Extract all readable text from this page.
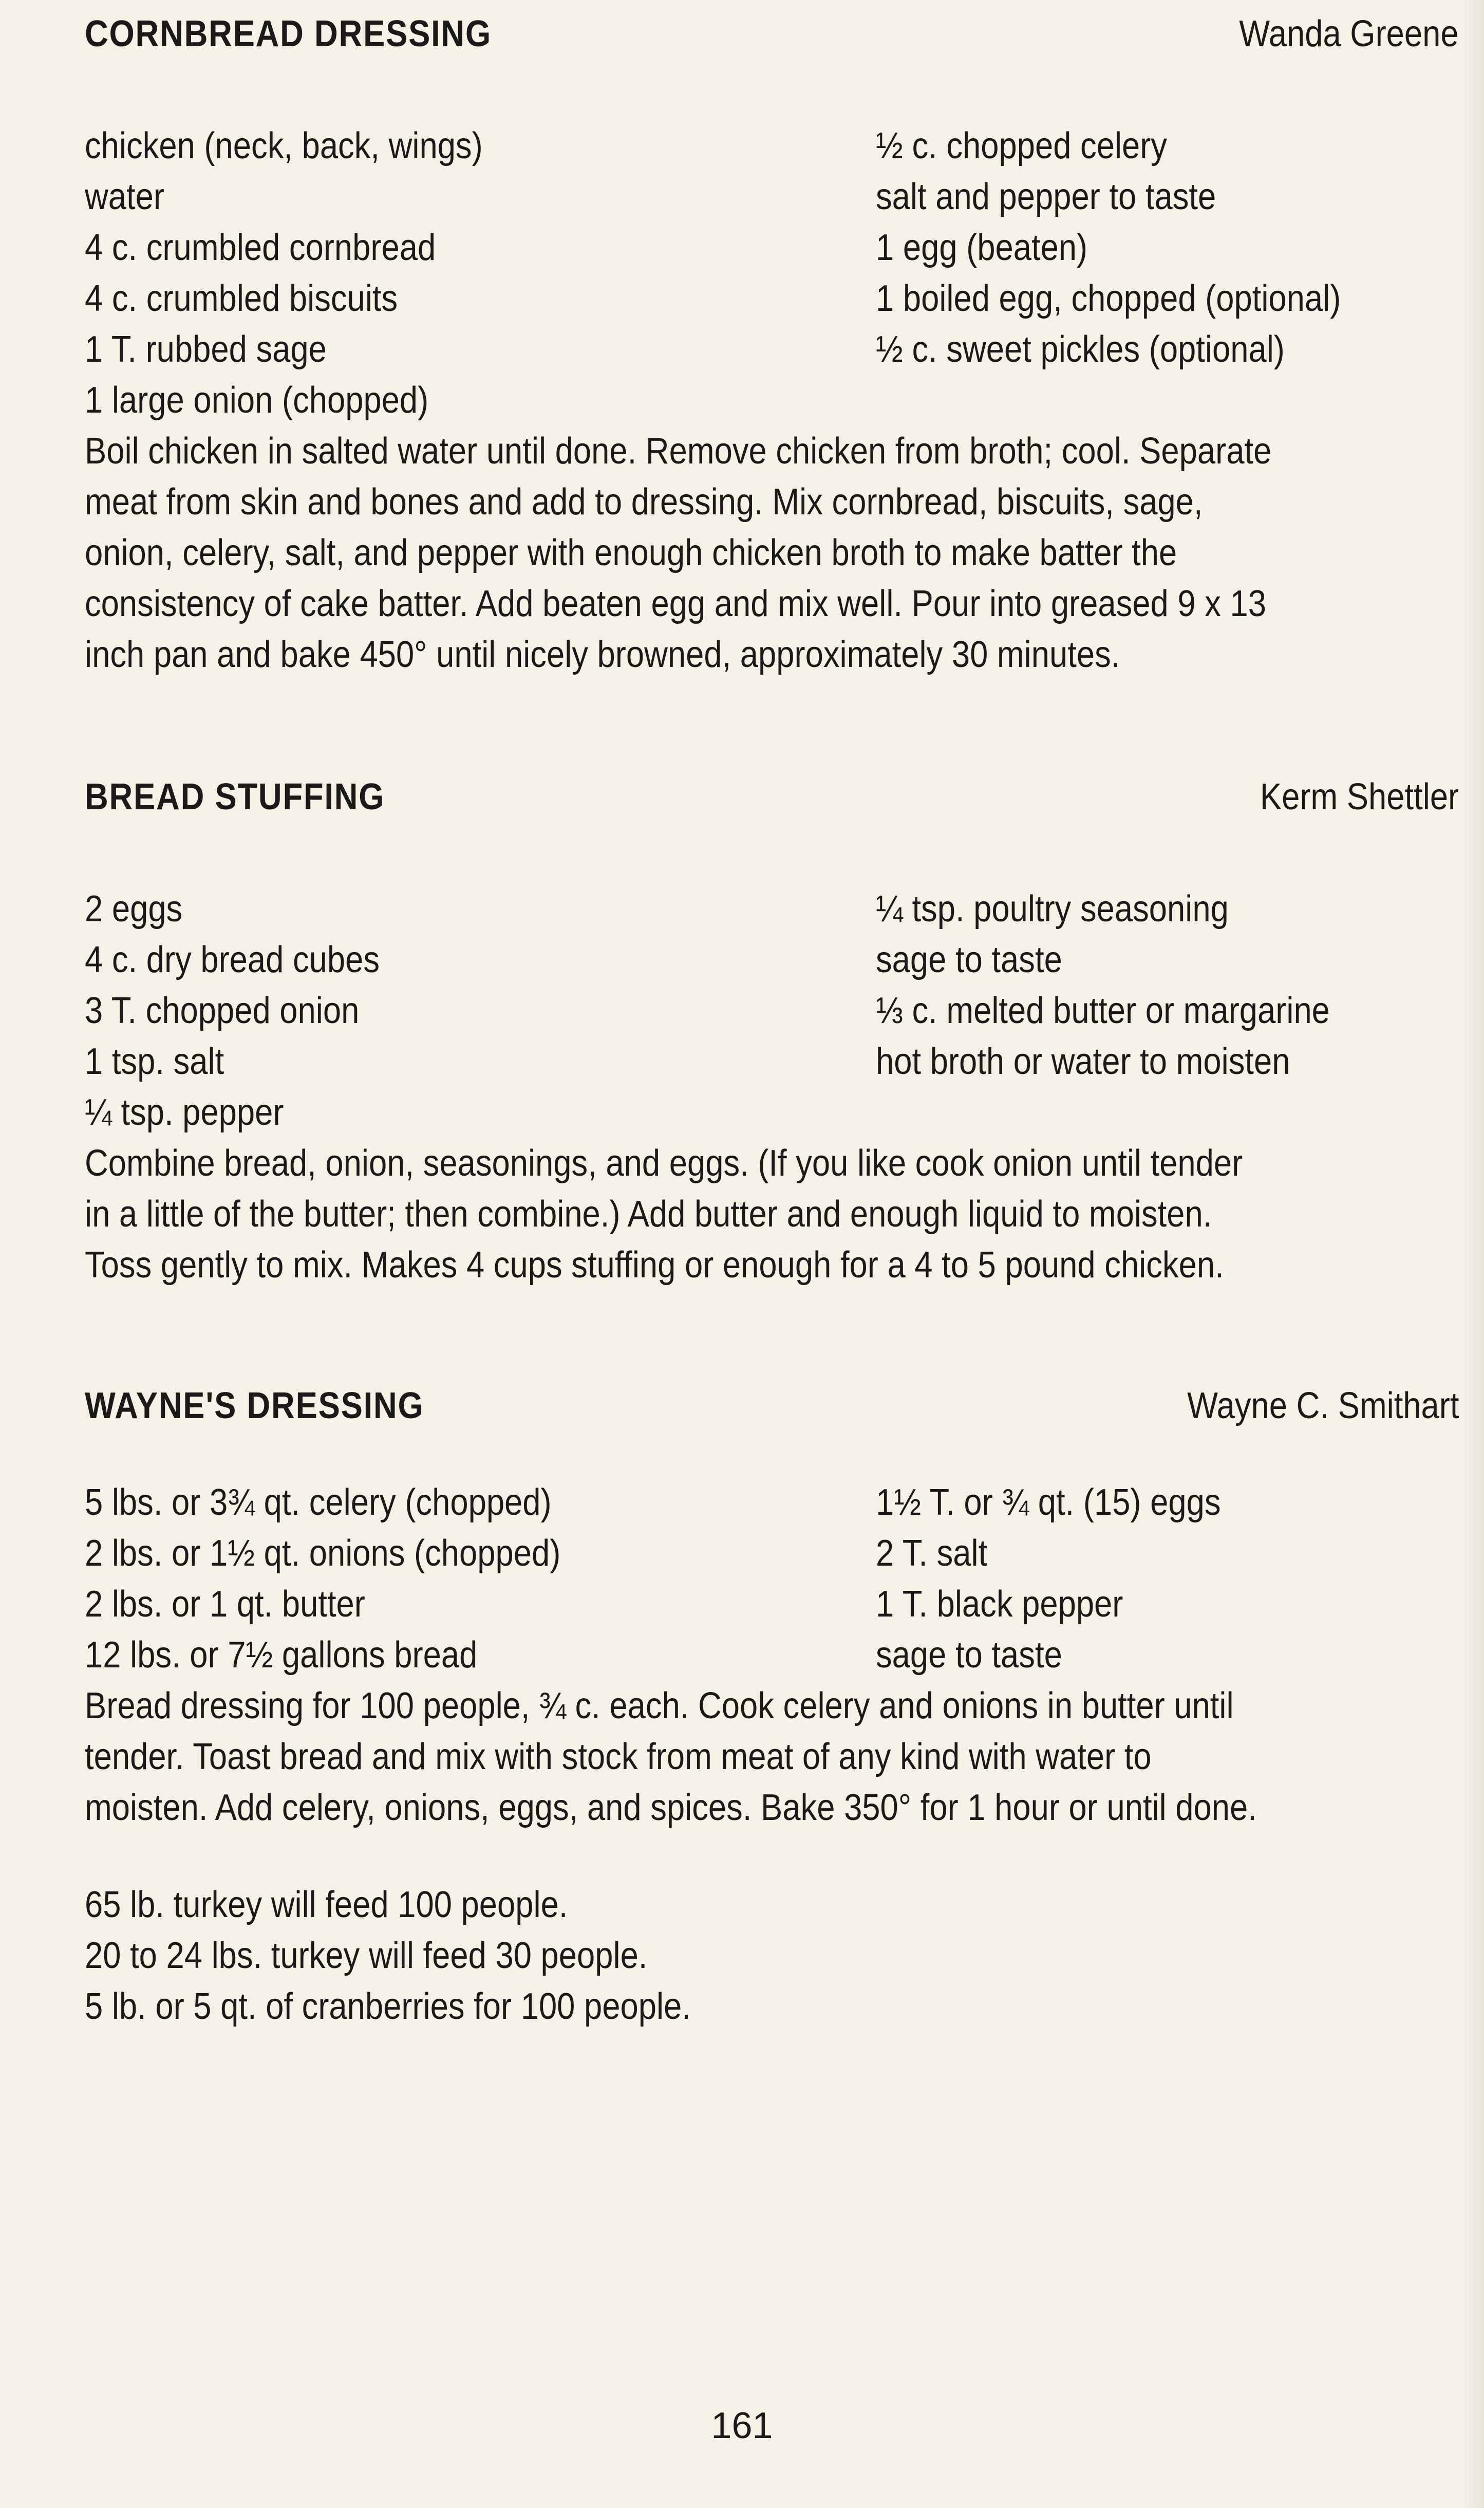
CORNBREAD DRESSING	Wanda Greene
chicken (neck, back, wings)
water
4 c. crumbled cornbread
4 c. crumbled biscuits
1 T. rubbed sage
1 large onion (chopped)
½ c. chopped celery
salt and pepper to taste
1 egg (beaten)
1 boiled egg, chopped (optional)
½ c. sweet pickles (optional)
Boil chicken in salted water until done. Remove chicken from broth; cool. Separate
meat from skin and bones and add to dressing. Mix cornbread, biscuits, sage,
onion, celery, salt, and pepper with enough chicken broth to make batter the
consistency of cake batter. Add beaten egg and mix well. Pour into greased 9 x 13
inch pan and bake 450° until nicely browned, approximately 30 minutes.
BREAD STUFFING	Kerm Shettler
2 eggs
4 c. dry bread cubes
3 T. chopped onion
1 tsp. salt
¼ tsp. pepper
¼ tsp. poultry seasoning
sage to taste
⅓ c. melted butter or margarine
hot broth or water to moisten
Combine bread, onion, seasonings, and eggs. (If you like cook onion until tender
in a little of the butter; then combine.) Add butter and enough liquid to moisten.
Toss gently to mix. Makes 4 cups stuffing or enough for a 4 to 5 pound chicken.
WAYNE'S DRESSING	Wayne C. Smithart
5 lbs. or 3¾ qt. celery (chopped)
2 lbs. or 1½ qt. onions (chopped)
2 lbs. or 1 qt. butter
12 lbs. or 7½ gallons bread
1½ T. or ¾ qt. (15) eggs
2 T. salt
1 T. black pepper
sage to taste
Bread dressing for 100 people, ¾ c. each. Cook celery and onions in butter until
tender. Toast bread and mix with stock from meat of any kind with water to
moisten. Add celery, onions, eggs, and spices. Bake 350° for 1 hour or until done.
65 lb. turkey will feed 100 people.
20 to 24 lbs. turkey will feed 30 people.
5 lb. or 5 qt. of cranberries for 100 people.
161
